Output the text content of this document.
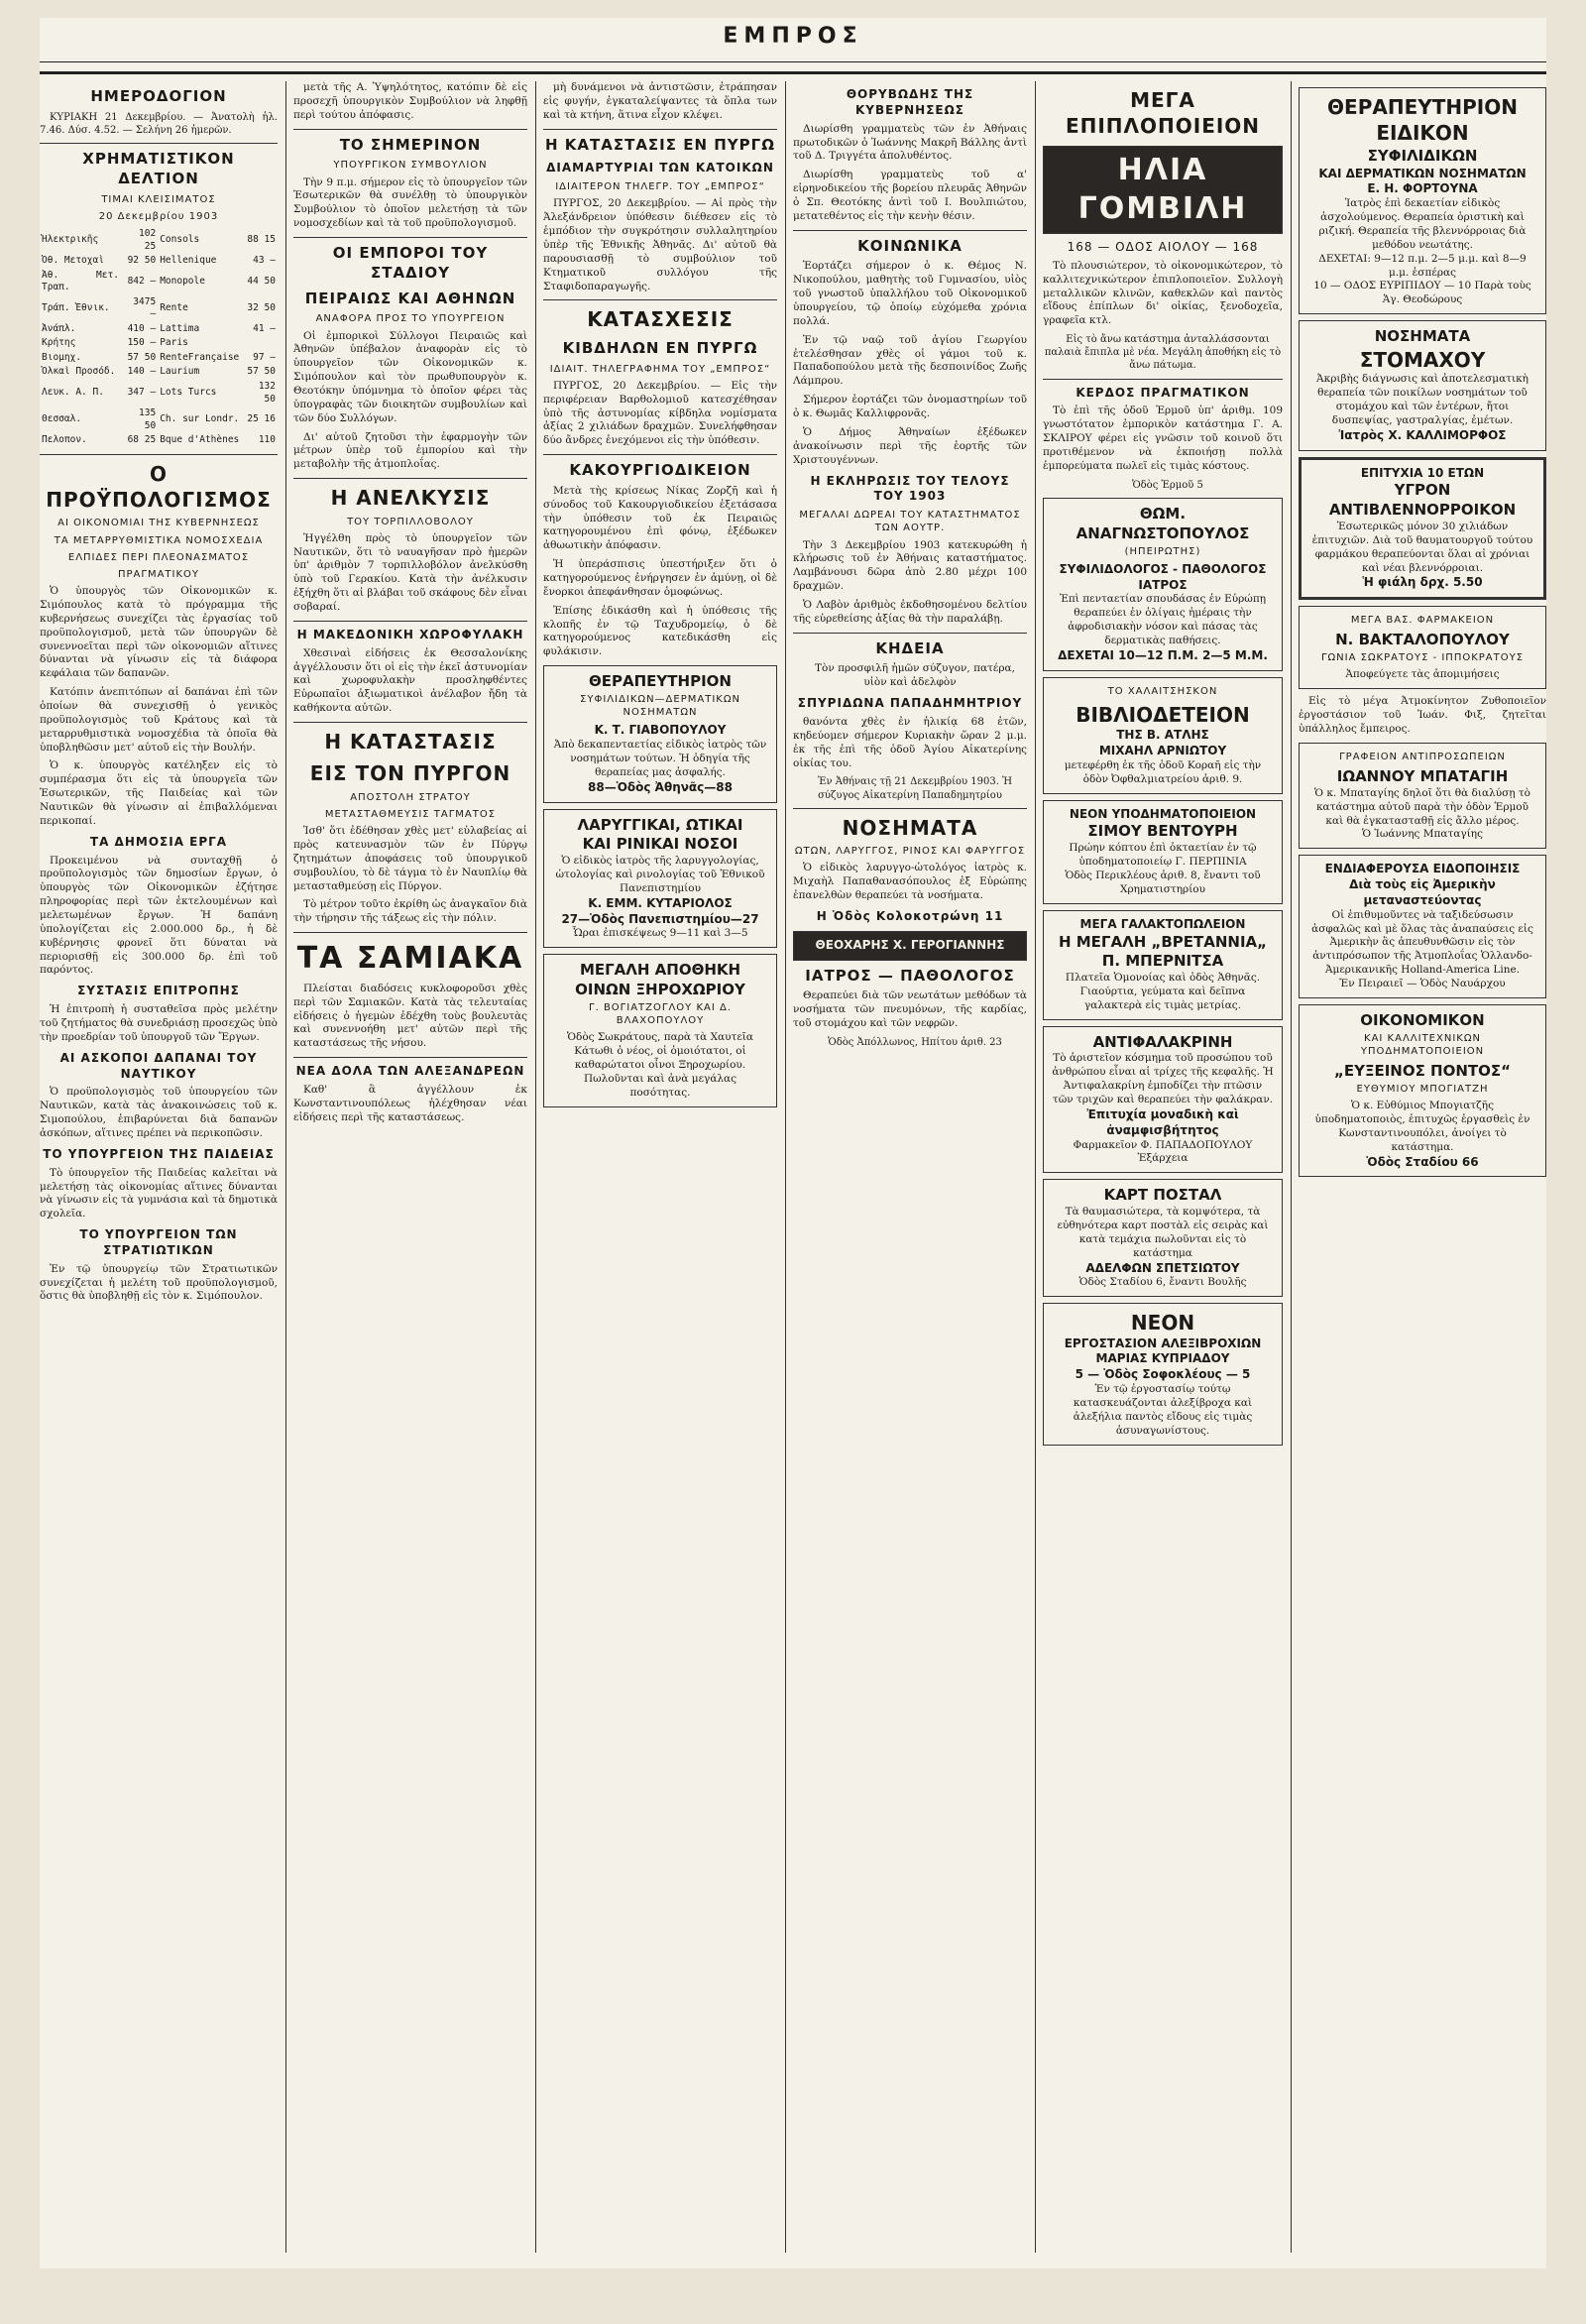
ΕΜΠΡΟΣ
ΗΜΕΡΟΔΟΓΙΟΝ

ΚΥΡΙΑΚΗ 21 Δεκεμβρίου. — Ἀνατολὴ ἡλ. 7.46. Δύσ. 4.52. — Σελήνη 26 ἡμερῶν.

ΧΡΗΜΑΤΙΣΤΙΚΟΝ ΔΕΛΤΙΟΝ
ΤΙΜΑΙ ΚΛΕΙΣΙΜΑΤΟΣ
20 Δεκεμβρίου 1903
Ἠλεκτρικῆς	102 25	Consols	88 15
Ὀθ. Μετοχαὶ	92 50	Hellenique	43 —
Ἀθ. Μετ. Τραπ.	842 —	Monopole	44 50
Τράπ. Ἐθνικ.	3475 —	Rente	32 50
Ἀνάπλ.	410 —	Lattima	41 —
Κρήτης	150 —	Paris	
Βιομηχ.	57 50	RenteFrançaise	97 —
Ὁλκαὶ Προσόδ.	140 —	Laurium	57 50
Λευκ. Α. Π.	347 —	Lots Turcs	132 50
Θεσσαλ.	135 50	Ch. sur Londr.	25 16
Πελοπον.	68 25	Bque d'Athènes	110
Ο ΠΡΟΫΠΟΛΟΓΙΣΜΟΣ
ΑΙ ΟΙΚΟΝΟΜΙΑΙ ΤΗΣ ΚΥΒΕΡΝΗΣΕΩΣ
ΤΑ ΜΕΤΑΡΡΥΘΜΙΣΤΙΚΑ ΝΟΜΟΣΧΕΔΙΑ
ΕΛΠΙΔΕΣ ΠΕΡΙ ΠΛΕΟΝΑΣΜΑΤΟΣ
ΠΡΑΓΜΑΤΙΚΟΥ

Ὁ ὑπουργὸς τῶν Οἰκονομικῶν κ. Σιμόπουλος κατὰ τὸ πρόγραμμα τῆς κυβερνήσεως συνεχίζει τὰς ἐργασίας τοῦ προϋπολογισμοῦ, μετὰ τῶν ὑπουργῶν δὲ συνεννοεῖται περὶ τῶν οἰκονομιῶν αἵτινες δύνανται νὰ γίνωσιν εἰς τὰ διάφορα κεφάλαια τῶν δαπανῶν.

Κατόπιν ἀνεπιτόπων αἱ δαπάναι ἐπὶ τῶν ὁποίων θὰ συνεχισθῇ ὁ γενικὸς προϋπολογισμὸς τοῦ Κράτους καὶ τὰ μεταρρυθμιστικὰ νομοσχέδια τὰ ὁποῖα θὰ ὑποβληθῶσιν μετ' αὐτοῦ εἰς τὴν Βουλήν.

Ὁ κ. ὑπουργὸς κατέληξεν εἰς τὸ συμπέρασμα ὅτι εἰς τὰ ὑπουργεῖα τῶν Ἐσωτερικῶν, τῆς Παιδείας καὶ τῶν Ναυτικῶν θὰ γίνωσιν αἱ ἐπιβαλλόμεναι περικοπαί.

ΤΑ ΔΗΜΟΣΙΑ ΕΡΓΑ

Προκειμένου νὰ συνταχθῇ ὁ προϋπολογισμὸς τῶν δημοσίων ἔργων, ὁ ὑπουργὸς τῶν Οἰκονομικῶν ἐζήτησε πληροφορίας περὶ τῶν ἐκτελουμένων καὶ μελετωμένων ἔργων. Ἡ δαπάνη ὑπολογίζεται εἰς 2.000.000 δρ., ἡ δὲ κυβέρνησις φρονεῖ ὅτι δύναται νὰ περιορισθῇ εἰς 300.000 δρ. ἐπὶ τοῦ παρόντος.

ΣΥΣΤΑΣΙΣ ΕΠΙΤΡΟΠΗΣ

Ἡ ἐπιτροπὴ ἡ συσταθεῖσα πρὸς μελέτην τοῦ ζητήματος θὰ συνεδριάσῃ προσεχῶς ὑπὸ τὴν προεδρίαν τοῦ ὑπουργοῦ τῶν Ἔργων.

ΑΙ ΑΣΚΟΠΟΙ ΔΑΠΑΝΑΙ ΤΟΥ ΝΑΥΤΙΚΟΥ

Ὁ προϋπολογισμὸς τοῦ ὑπουργείου τῶν Ναυτικῶν, κατὰ τὰς ἀνακοινώσεις τοῦ κ. Σιμοπούλου, ἐπιβαρύνεται διὰ δαπανῶν ἀσκόπων, αἵτινες πρέπει νὰ περικοπῶσιν.

ΤΟ ΥΠΟΥΡΓΕΙΟΝ ΤΗΣ ΠΑΙΔΕΙΑΣ

Τὸ ὑπουργεῖον τῆς Παιδείας καλεῖται νὰ μελετήσῃ τὰς οἰκονομίας αἵτινες δύνανται νὰ γίνωσιν εἰς τὰ γυμνάσια καὶ τὰ δημοτικὰ σχολεῖα.

ΤΟ ΥΠΟΥΡΓΕΙΟΝ ΤΩΝ ΣΤΡΑΤΙΩΤΙΚΩΝ

Ἐν τῷ ὑπουργείῳ τῶν Στρατιωτικῶν συνεχίζεται ἡ μελέτη τοῦ προϋπολογισμοῦ, ὅστις θὰ ὑποβληθῇ εἰς τὸν κ. Σιμόπουλον.

μετὰ τῆς Α. Ὑψηλότητος, κατόπιν δὲ εἰς προσεχῆ ὑπουργικὸν Συμβούλιον νὰ ληφθῇ περὶ τούτου ἀπόφασις.

ΤΟ ΣΗΜΕΡΙΝΟΝ
ΥΠΟΥΡΓΙΚΟΝ ΣΥΜΒΟΥΛΙΟΝ

Τὴν 9 π.μ. σήμερον εἰς τὸ ὑπουργεῖον τῶν Ἐσωτερικῶν θὰ συνέλθῃ τὸ ὑπουργικὸν Συμβούλιον τὸ ὁποῖον μελετήσῃ τὰ τῶν νομοσχεδίων καὶ τὰ τοῦ προϋπολογισμοῦ.

ΟΙ ΕΜΠΟΡΟΙ ΤΟΥ ΣΤΑΔΙΟΥ
ΠΕΙΡΑΙΩΣ ΚΑΙ ΑΘΗΝΩΝ
ΑΝΑΦΟΡΑ ΠΡΟΣ ΤΟ ΥΠΟΥΡΓΕΙΟΝ

Οἱ ἐμπορικοὶ Σύλλογοι Πειραιῶς καὶ Ἀθηνῶν ὑπέβαλον ἀναφορὰν εἰς τὸ ὑπουργεῖον τῶν Οἰκονομικῶν κ. Σιμόπουλον καὶ τὸν πρωθυπουργὸν κ. Θεοτόκην ὑπόμνημα τὸ ὁποῖον φέρει τὰς ὑπογραφὰς τῶν διοικητῶν συμβουλίων καὶ τῶν δύο Συλλόγων.

Δι' αὐτοῦ ζητοῦσι τὴν ἐφαρμογὴν τῶν μέτρων ὑπὲρ τοῦ ἐμπορίου καὶ τὴν μεταβολὴν τῆς ἀτμοπλοΐας.

Η ΑΝΕΛΚΥΣΙΣ
ΤΟΥ ΤΟΡΠΙΛΛΟΒΟΛΟΥ

Ἠγγέλθη πρὸς τὸ ὑπουργεῖον τῶν Ναυτικῶν, ὅτι τὸ ναυαγῆσαν πρὸ ἡμερῶν ὑπ' ἀριθμὸν 7 τορπιλλοβόλον ἀνελκύσθη ὑπὸ τοῦ Γερακίου. Κατὰ τὴν ἀνέλκυσιν ἐξήχθη ὅτι αἱ βλάβαι τοῦ σκάφους δὲν εἶναι σοβαραί.

Η ΜΑΚΕΔΟΝΙΚΗ ΧΩΡΟΦΥΛΑΚΗ

Χθεσιναὶ εἰδήσεις ἐκ Θεσσαλονίκης ἀγγέλλουσιν ὅτι οἱ εἰς τὴν ἐκεῖ ἀστυνομίαν καὶ χωροφυλακὴν προσληφθέντες Εὐρωπαῖοι ἀξιωματικοὶ ἀνέλαβον ἤδη τὰ καθήκοντα αὐτῶν.

Η ΚΑΤΑΣΤΑΣΙΣ
ΕΙΣ ΤΟΝ ΠΥΡΓΟΝ
ΑΠΟΣΤΟΛΗ ΣΤΡΑΤΟΥ
ΜΕΤΑΣΤΑΘΜΕΥΣΙΣ ΤΑΓΜΑΤΟΣ

Ἰσθ' ὅτι ἐδέθησαν χθὲς μετ' εὐλαβείας αἱ πρὸς κατευνασμὸν τῶν ἐν Πύργῳ ζητημάτων ἀποφάσεις τοῦ ὑπουργικοῦ συμβουλίου, τὸ δὲ τάγμα τὸ ἐν Ναυπλίῳ θὰ μετασταθμεύσῃ εἰς Πύργον.

Τὸ μέτρον τοῦτο ἐκρίθη ὡς ἀναγκαῖον διὰ τὴν τήρησιν τῆς τάξεως εἰς τὴν πόλιν.

ΤΑ ΣΑΜΙΑΚΑ

Πλείσται διαδόσεις κυκλοφοροῦσι χθὲς περὶ τῶν Σαμιακῶν. Κατὰ τὰς τελευταίας εἰδήσεις ὁ ἡγεμὼν ἐδέχθη τοὺς βουλευτὰς καὶ συνεννοήθη μετ' αὐτῶν περὶ τῆς καταστάσεως τῆς νήσου.

ΝΕΑ ΔΟΛΑ ΤΩΝ ΑΛΕΞΑΝΔΡΕΩΝ

Καθ' ἃ ἀγγέλλουν ἐκ Κωνσταντινουπόλεως ἠλέχθησαν νέαι εἰδήσεις περὶ τῆς καταστάσεως.

μὴ δυνάμενοι νὰ ἀντιστῶσιν, ἐτράπησαν εἰς φυγήν, ἐγκαταλείψαντες τὰ ὅπλα των καὶ τὰ κτήνη, ἅτινα εἶχον κλέψει.

Η ΚΑΤΑΣΤΑΣΙΣ ΕΝ ΠΥΡΓΩ
ΔΙΑΜΑΡΤΥΡΙΑΙ ΤΩΝ ΚΑΤΟΙΚΩΝ
ΙΔΙΑΙΤΕΡΟΝ ΤΗΛΕΓΡ. ΤΟΥ „ΕΜΠΡΟΣ“

ΠΥΡΓΟΣ, 20 Δεκεμβρίου. — Αἱ πρὸς τὴν Ἀλεξάνδρειον ὑπόθεσιν διέθεσεν εἰς τὸ ἐμπόδιον τὴν συγκρότησιν συλλαλητηρίου ὑπὲρ τῆς Ἐθνικῆς Ἀθηνᾶς. Δι' αὐτοῦ θὰ παρουσιασθῇ τὸ συμβούλιον τοῦ Κτηματικοῦ συλλόγου τῆς Σταφιδοπαραγωγῆς.

ΚΑΤΑΣΧΕΣΙΣ
ΚΙΒΔΗΛΩΝ ΕΝ ΠΥΡΓΩ
ΙΔΙΑΙΤ. ΤΗΛΕΓΡΑΦΗΜΑ ΤΟΥ „ΕΜΠΡΟΣ“

ΠΥΡΓΟΣ, 20 Δεκεμβρίου. — Εἰς τὴν περιφέρειαν Βαρθολομιοῦ κατεσχέθησαν ὑπὸ τῆς ἀστυνομίας κίβδηλα νομίσματα ἀξίας 2 χιλιάδων δραχμῶν. Συνελήφθησαν δύο ἄνδρες ἐνεχόμενοι εἰς τὴν ὑπόθεσιν.

ΚΑΚΟΥΡΓΙΟΔΙΚΕΙΟΝ

Μετὰ τὴς κρίσεως Νίκας Ζορζῆ καὶ ἡ σύνοδος τοῦ Κακουργιοδικείου ἐξετάσασα τὴν ὑπόθεσιν τοῦ ἐκ Πειραιῶς κατηγορουμένου ἐπὶ φόνῳ, ἐξέδωκεν ἀθωωτικὴν ἀπόφασιν.

Ἡ ὑπεράσπισις ὑπεστήριξεν ὅτι ὁ κατηγορούμενος ἐνήργησεν ἐν ἀμύνῃ, οἱ δὲ ἔνορκοι ἀπεφάνθησαν ὁμοφώνως.

Ἐπίσης ἐδικάσθη καὶ ἡ ὑπόθεσις τῆς κλοπῆς ἐν τῷ Ταχυδρομείῳ, ὁ δὲ κατηγορούμενος κατεδικάσθη εἰς φυλάκισιν.

ΘΕΡΑΠΕΥΤΗΡΙΟΝ
ΣΥΦΙΛΙΔΙΚΩΝ—ΔΕΡΜΑΤΙΚΩΝ ΝΟΣΗΜΑΤΩΝ
Κ. Τ. ΓΙΑΒΟΠΟΥΛΟΥ
Ἀπὸ δεκαπενταετίας εἰδικὸς ἰατρὸς τῶν νοσημάτων τούτων. Ἡ ὁδηγία τῆς θεραπείας μας ἀσφαλής.
88—Ὁδὸς Ἀθηνᾶς—88
ΛΑΡΥΓΓΙΚΑΙ, ΩΤΙΚΑΙ
ΚΑΙ ΡΙΝΙΚΑΙ ΝΟΣΟΙ
Ὁ εἰδικὸς ἰατρὸς τῆς λαρυγγολογίας, ὠτολογίας καὶ ρινολογίας τοῦ Ἐθνικοῦ Πανεπιστημίου
Κ. ΕΜΜ. ΚΥΤΑΡΙΟΛΟΣ
27—Ὁδὸς Πανεπιστημίου—27
Ὧραι ἐπισκέψεως 9—11 καὶ 3—5
ΜΕΓΑΛΗ ΑΠΟΘΗΚΗ
ΟΙΝΩΝ ΞΗΡΟΧΩΡΙΟΥ
Γ. ΒΟΓΙΑΤΖΟΓΛΟΥ ΚΑΙ Δ. ΒΛΑΧΟΠΟΥΛΟΥ
Ὁδὸς Σωκράτους, παρὰ τὰ Χαυτεῖα
Κάτωθι ὁ νέος, οἱ ὁμοιότατοι, οἱ καθαρώτατοι οἶνοι Ξηροχωρίου. Πωλοῦνται καὶ ἀνὰ μεγάλας ποσότητας.
ΘΟΡΥΒΩΔΗΣ ΤΗΣ ΚΥΒΕΡΝΗΣΕΩΣ

Διωρίσθη γραμματεὺς τῶν ἐν Ἀθήναις πρωτοδικῶν ὁ Ἰωάννης Μακρῆ Βάλλης ἀντὶ τοῦ Δ. Τριγγέτα ἀπολυθέντος.

Διωρίσθη γραμματεὺς τοῦ α' εἰρηνοδικείου τῆς βορείου πλευρᾶς Ἀθηνῶν ὁ Σπ. Θεοτόκης ἀντὶ τοῦ Ι. Βουλπιώτου, μετατεθέντος εἰς τὴν κενὴν θέσιν.

ΚΟΙΝΩΝΙΚΑ

Ἑορτάζει σήμερον ὁ κ. Θέμος Ν. Νικοπούλου, μαθητὴς τοῦ Γυμνασίου, υἱὸς τοῦ γνωστοῦ ὑπαλλήλου τοῦ Οἰκονομικοῦ ὑπουργείου, τῷ ὁποίῳ εὐχόμεθα χρόνια πολλά.

Ἐν τῷ ναῷ τοῦ ἁγίου Γεωργίου ἐτελέσθησαν χθὲς οἱ γάμοι τοῦ κ. Παπαδοπούλου μετὰ τῆς δεσποινίδος Ζωῆς Λάμπρου.

Σήμερον ἑορτάζει τῶν ὀνομαστηρίων τοῦ ὁ κ. Θωμᾶς Καλλιφρονᾶς.

Ὁ Δήμος Ἀθηναίων ἐξέδωκεν ἀνακοίνωσιν περὶ τῆς ἑορτῆς τῶν Χριστουγέννων.

Η ΕΚΛΗΡΩΣΙΣ ΤΟΥ ΤΕΛΟΥΣ ΤΟΥ 1903
ΜΕΓΑΛΑΙ ΔΩΡΕΑΙ ΤΟΥ ΚΑΤΑΣΤΗΜΑΤΟΣ ΤΩΝ ΑΟΥΤΡ.

Τὴν 3 Δεκεμβρίου 1903 κατεκυρώθη ἡ κλήρωσις τοῦ ἐν Ἀθήναις καταστήματος. Λαμβάνουσι δῶρα ἀπὸ 2.80 μέχρι 100 δραχμῶν.

Ὁ Λαβὸν ἀριθμὸς ἐκδοθησομένου δελτίου τῆς εὑρεθείσης ἀξίας θὰ τὴν παραλάβῃ.

ΚΗΔΕΙΑ

Τὸν προσφιλῆ ἡμῶν σύζυγον, πατέρα, υἱὸν καὶ ἀδελφὸν

ΣΠΥΡΙΔΩΝΑ ΠΑΠΑΔΗΜΗΤΡΙΟΥ

θανόντα χθὲς ἐν ἡλικίᾳ 68 ἐτῶν, κηδεύομεν σήμερον Κυριακὴν ὥραν 2 μ.μ. ἐκ τῆς ἐπὶ τῆς ὁδοῦ Ἀγίου Αἰκατερίνης οἰκίας του.

Ἐν Ἀθήναις τῇ 21 Δεκεμβρίου 1903. Ἡ σύζυγος Αἰκατερίνη Παπαδημητρίου

ΝΟΣΗΜΑΤΑ
ΩΤΩΝ, ΛΑΡΥΓΓΟΣ, ΡΙΝΟΣ ΚΑΙ ΦΑΡΥΓΓΟΣ

Ὁ εἰδικὸς λαρυγγο-ὠτολόγος ἰατρὸς κ. Μιχαὴλ Παπαθανασόπουλος ἐξ Εὐρώπης ἐπανελθὼν θεραπεύει τὰ νοσήματα.

Η Ὁδὸς Κολοκοτρώνη 11
ΘΕΟΧΑΡΗΣ Χ. ΓΕΡΟΓΙΑΝΝΗΣ
ΙΑΤΡΟΣ — ΠΑΘΟΛΟΓΟΣ

Θεραπεύει διὰ τῶν νεωτάτων μεθόδων τὰ νοσήματα τῶν πνευμόνων, τῆς καρδίας, τοῦ στομάχου καὶ τῶν νεφρῶν.

Ὁδὸς Ἀπόλλωνος, Ηπίτου ἀριθ. 23

ΜΕΓΑ ΕΠΙΠΛΟΠΟΙΕΙΟΝ
ΗΛΙΑ ΓΟΜΒΙΛΗ
168 — ΟΔΟΣ ΑΙΟΛΟΥ — 168

Τὸ πλουσιώτερον, τὸ οἰκονομικώτερον, τὸ καλλιτεχνικώτερον ἐπιπλοποιεῖον. Συλλογὴ μεταλλικῶν κλινῶν, καθεκλῶν καὶ παντὸς εἴδους ἐπίπλων δι' οἰκίας, ξενοδοχεῖα, γραφεῖα κτλ.

Εἰς τὸ ἄνω κατάστημα ἀνταλλάσσονται παλαιὰ ἔπιπλα μὲ νέα. Μεγάλη ἀποθήκη εἰς τὸ ἄνω πάτωμα.

ΚΕΡΔΟΣ ΠΡΑΓΜΑΤΙΚΟΝ

Τὸ ἐπὶ τῆς ὁδοῦ Ἑρμοῦ ὑπ' ἀριθμ. 109 γνωστότατον ἐμπορικὸν κατάστημα Γ. Α. ΣΚΛΙΡΟΥ φέρει εἰς γνῶσιν τοῦ κοινοῦ ὅτι προτιθέμενον νὰ ἐκποιήσῃ πολλὰ ἐμπορεύματα πωλεῖ εἰς τιμὰς κόστους.

Ὁδὸς Ἑρμοῦ 5

ΘΩΜ. ΑΝΑΓΝΩΣΤΟΠΟΥΛΟΣ
(ΗΠΕΙΡΩΤΗΣ)
ΣΥΦΙΛΙΔΟΛΟΓΟΣ - ΠΑΘΟΛΟΓΟΣ
ΙΑΤΡΟΣ
Ἐπὶ πενταετίαν σπουδάσας ἐν Εὐρώπῃ θεραπεύει ἐν ὀλίγαις ἡμέραις τὴν ἀφροδισιακὴν νόσον καὶ πάσας τὰς δερματικὰς παθήσεις.
ΔΕΧΕΤΑΙ 10—12 Π.Μ. 2—5 Μ.Μ.
ΤΟ ΧΑΛΑΙΤΣΗΣΚΟΝ
ΒΙΒΛΙΟΔΕΤΕΙΟΝ
ΤΗΣ Β. ΑΤΛΗΣ
ΜΙΧΑΗΛ ΑΡΝΙΩΤΟΥ
μετεφέρθη ἐκ τῆς ὁδοῦ Κοραῆ εἰς τὴν ὁδὸν Ὀφθαλμιατρείου ἀριθ. 9.
ΝΕΟΝ ΥΠΟΔΗΜΑΤΟΠΟΙΕΙΟΝ
ΣΙΜΟΥ ΒΕΝΤΟΥΡΗ
Πρώην κόπτου ἐπὶ ὀκταετίαν ἐν τῷ ὑποδηματοποιείῳ Γ. ΠΕΡΠΙΝΙΑ
Ὁδὸς Περικλέους ἀριθ. 8, ἔναντι τοῦ Χρηματιστηρίου
ΜΕΓΑ ΓΑΛΑΚΤΟΠΩΛΕΙΟΝ
Η ΜΕΓΑΛΗ „ΒΡΕΤΑΝΝΙΑ„
Π. ΜΠΕΡΝΙΤΣΑ
Πλατεῖα Ὁμονοίας καὶ ὁδὸς Ἀθηνᾶς. Γιαούρτια, γεύματα καὶ δεῖπνα γαλακτερὰ εἰς τιμὰς μετρίας.
ΑΝΤΙΦΑΛΑΚΡΙΝΗ
Τὸ ἀριστεῖον κόσμημα τοῦ προσώπου τοῦ ἀνθρώπου εἶναι αἱ τρίχες τῆς κεφαλῆς. Ἡ Ἀντιφαλακρίνη ἐμποδίζει τὴν πτῶσιν τῶν τριχῶν καὶ θεραπεύει τὴν φαλάκραν.
Ἐπιτυχία μοναδικὴ καὶ ἀναμφισβήτητος
Φαρμακεῖον Φ. ΠΑΠΑΔΟΠΟΥΛΟΥ Ἐξάρχεια
ΚΑΡΤ ΠΟΣΤΑΛ
Τὰ θαυμασιώτερα, τὰ κομψότερα, τὰ εὐθηνότερα καρτ ποστὰλ εἰς σειρὰς καὶ κατὰ τεμάχια πωλοῦνται εἰς τὸ κατάστημα
ΑΔΕΛΦΩΝ ΣΠΕΤΣΙΩΤΟΥ
Ὁδὸς Σταδίου 6, ἔναντι Βουλῆς
ΝΕΟΝ
ΕΡΓΟΣΤΑΣΙΟΝ ΑΛΕΞΙΒΡΟΧΙΩΝ
ΜΑΡΙΑΣ ΚΥΠΡΙΑΔΟΥ
5 — Ὁδὸς Σοφοκλέους — 5
Ἐν τῷ ἐργοστασίῳ τούτῳ κατασκευάζονται ἀλεξίβροχα καὶ ἀλεξήλια παντὸς εἴδους εἰς τιμὰς ἀσυναγωνίστους.
ΘΕΡΑΠΕΥΤΗΡΙΟΝ
ΕΙΔΙΚΟΝ
ΣΥΦΙΛΙΔΙΚΩΝ
ΚΑΙ ΔΕΡΜΑΤΙΚΩΝ ΝΟΣΗΜΑΤΩΝ
Ε. Η. ΦΟΡΤΟΥΝΑ
Ἰατρὸς ἐπὶ δεκαετίαν εἰδικὸς ἀσχολούμενος. Θεραπεία ὁριστικὴ καὶ ριζική. Θεραπεία τῆς βλεννόρροιας διὰ μεθόδου νεωτάτης.
ΔΕΧΕΤΑΙ: 9—12 π.μ. 2—5 μ.μ. καὶ 8—9 μ.μ. ἑσπέρας
10 — ΟΔΟΣ ΕΥΡΙΠΙΔΟΥ — 10 Παρὰ τοὺς Ἁγ. Θεοδώρους
ΝΟΣΗΜΑΤΑ
ΣΤΟΜΑΧΟΥ
Ἀκριβὴς διάγνωσις καὶ ἀποτελεσματικὴ θεραπεία τῶν ποικίλων νοσημάτων τοῦ στομάχου καὶ τῶν ἐντέρων, ἤτοι δυσπεψίας, γαστραλγίας, ἐμέτων.
Ἰατρὸς Χ. ΚΑΛΛΙΜΟΡΦΟΣ
ΕΠΙΤΥΧΙΑ 10 ΕΤΩΝ
ΥΓΡΟΝ ΑΝΤΙΒΛΕΝΝΟΡΡΟΙΚΟΝ
Ἐσωτερικῶς μόνον 30 χιλιάδων ἐπιτυχιῶν. Διὰ τοῦ θαυματουργοῦ τούτου φαρμάκου θεραπεύονται ὅλαι αἱ χρόνιαι καὶ νέαι βλεννόρροιαι.
Ἡ φιάλη δρχ. 5.50
ΜΕΓΑ ΒΑΣ. ΦΑΡΜΑΚΕΙΟΝ
Ν. ΒΑΚΤΑΛΟΠΟΥΛΟΥ
ΓΩΝΙΑ ΣΩΚΡΑΤΟΥΣ - ΙΠΠΟΚΡΑΤΟΥΣ
Ἀποφεύγετε τὰς ἀπομιμήσεις

Εἰς τὸ μέγα Ἀτμοκίνητον Ζυθοποιεῖον ἐργοστάσιον τοῦ Ἰωάν. Φιξ, ζητεῖται ὑπάλληλος ἔμπειρος.

ΓΡΑΦΕΙΟΝ ΑΝΤΙΠΡΟΣΩΠΕΙΩΝ
ΙΩΑΝΝΟΥ ΜΠΑΤΑΓΙΗ
Ὁ κ. Μπαταγίης δηλοῖ ὅτι θὰ διαλύσῃ τὸ κατάστημα αὐτοῦ παρὰ τὴν ὁδὸν Ἑρμοῦ καὶ θὰ ἐγκατασταθῇ εἰς ἄλλο μέρος.
Ὁ Ἰωάννης Μπαταγίης
ΕΝΔΙΑΦΕΡΟΥΣΑ ΕΙΔΟΠΟΙΗΣΙΣ
Διὰ τοὺς εἰς Ἀμερικὴν μεταναστεύοντας
Οἱ ἐπιθυμοῦντες νὰ ταξιδεύσωσιν ἀσφαλῶς καὶ μὲ ὅλας τὰς ἀναπαύσεις εἰς Ἀμερικὴν ἂς ἀπευθυνθῶσιν εἰς τὸν ἀντιπρόσωπον τῆς Ἀτμοπλοΐας Ὁλλανδο-Ἀμερικανικῆς Holland-America Line.
Ἐν Πειραιεῖ — Ὁδὸς Ναυάρχου
ΟΙΚΟΝΟΜΙΚΟΝ
ΚΑΙ ΚΑΛΛΙΤΕΧΝΙΚΩΝ ΥΠΟΔΗΜΑΤΟΠΟΙΕΙΟΝ
„ΕΥΞΕΙΝΟΣ ΠΟΝΤΟΣ“
ΕΥΘΥΜΙΟΥ ΜΠΟΓΙΑΤΖΗ
Ὁ κ. Εὐθύμιος Μπογιατζῆς ὑποδηματοποιὸς, ἐπιτυχῶς ἐργασθεὶς ἐν Κωνσταντινουπόλει, ἀνοίγει τὸ κατάστημα.
Ὁδὸς Σταδίου 66
